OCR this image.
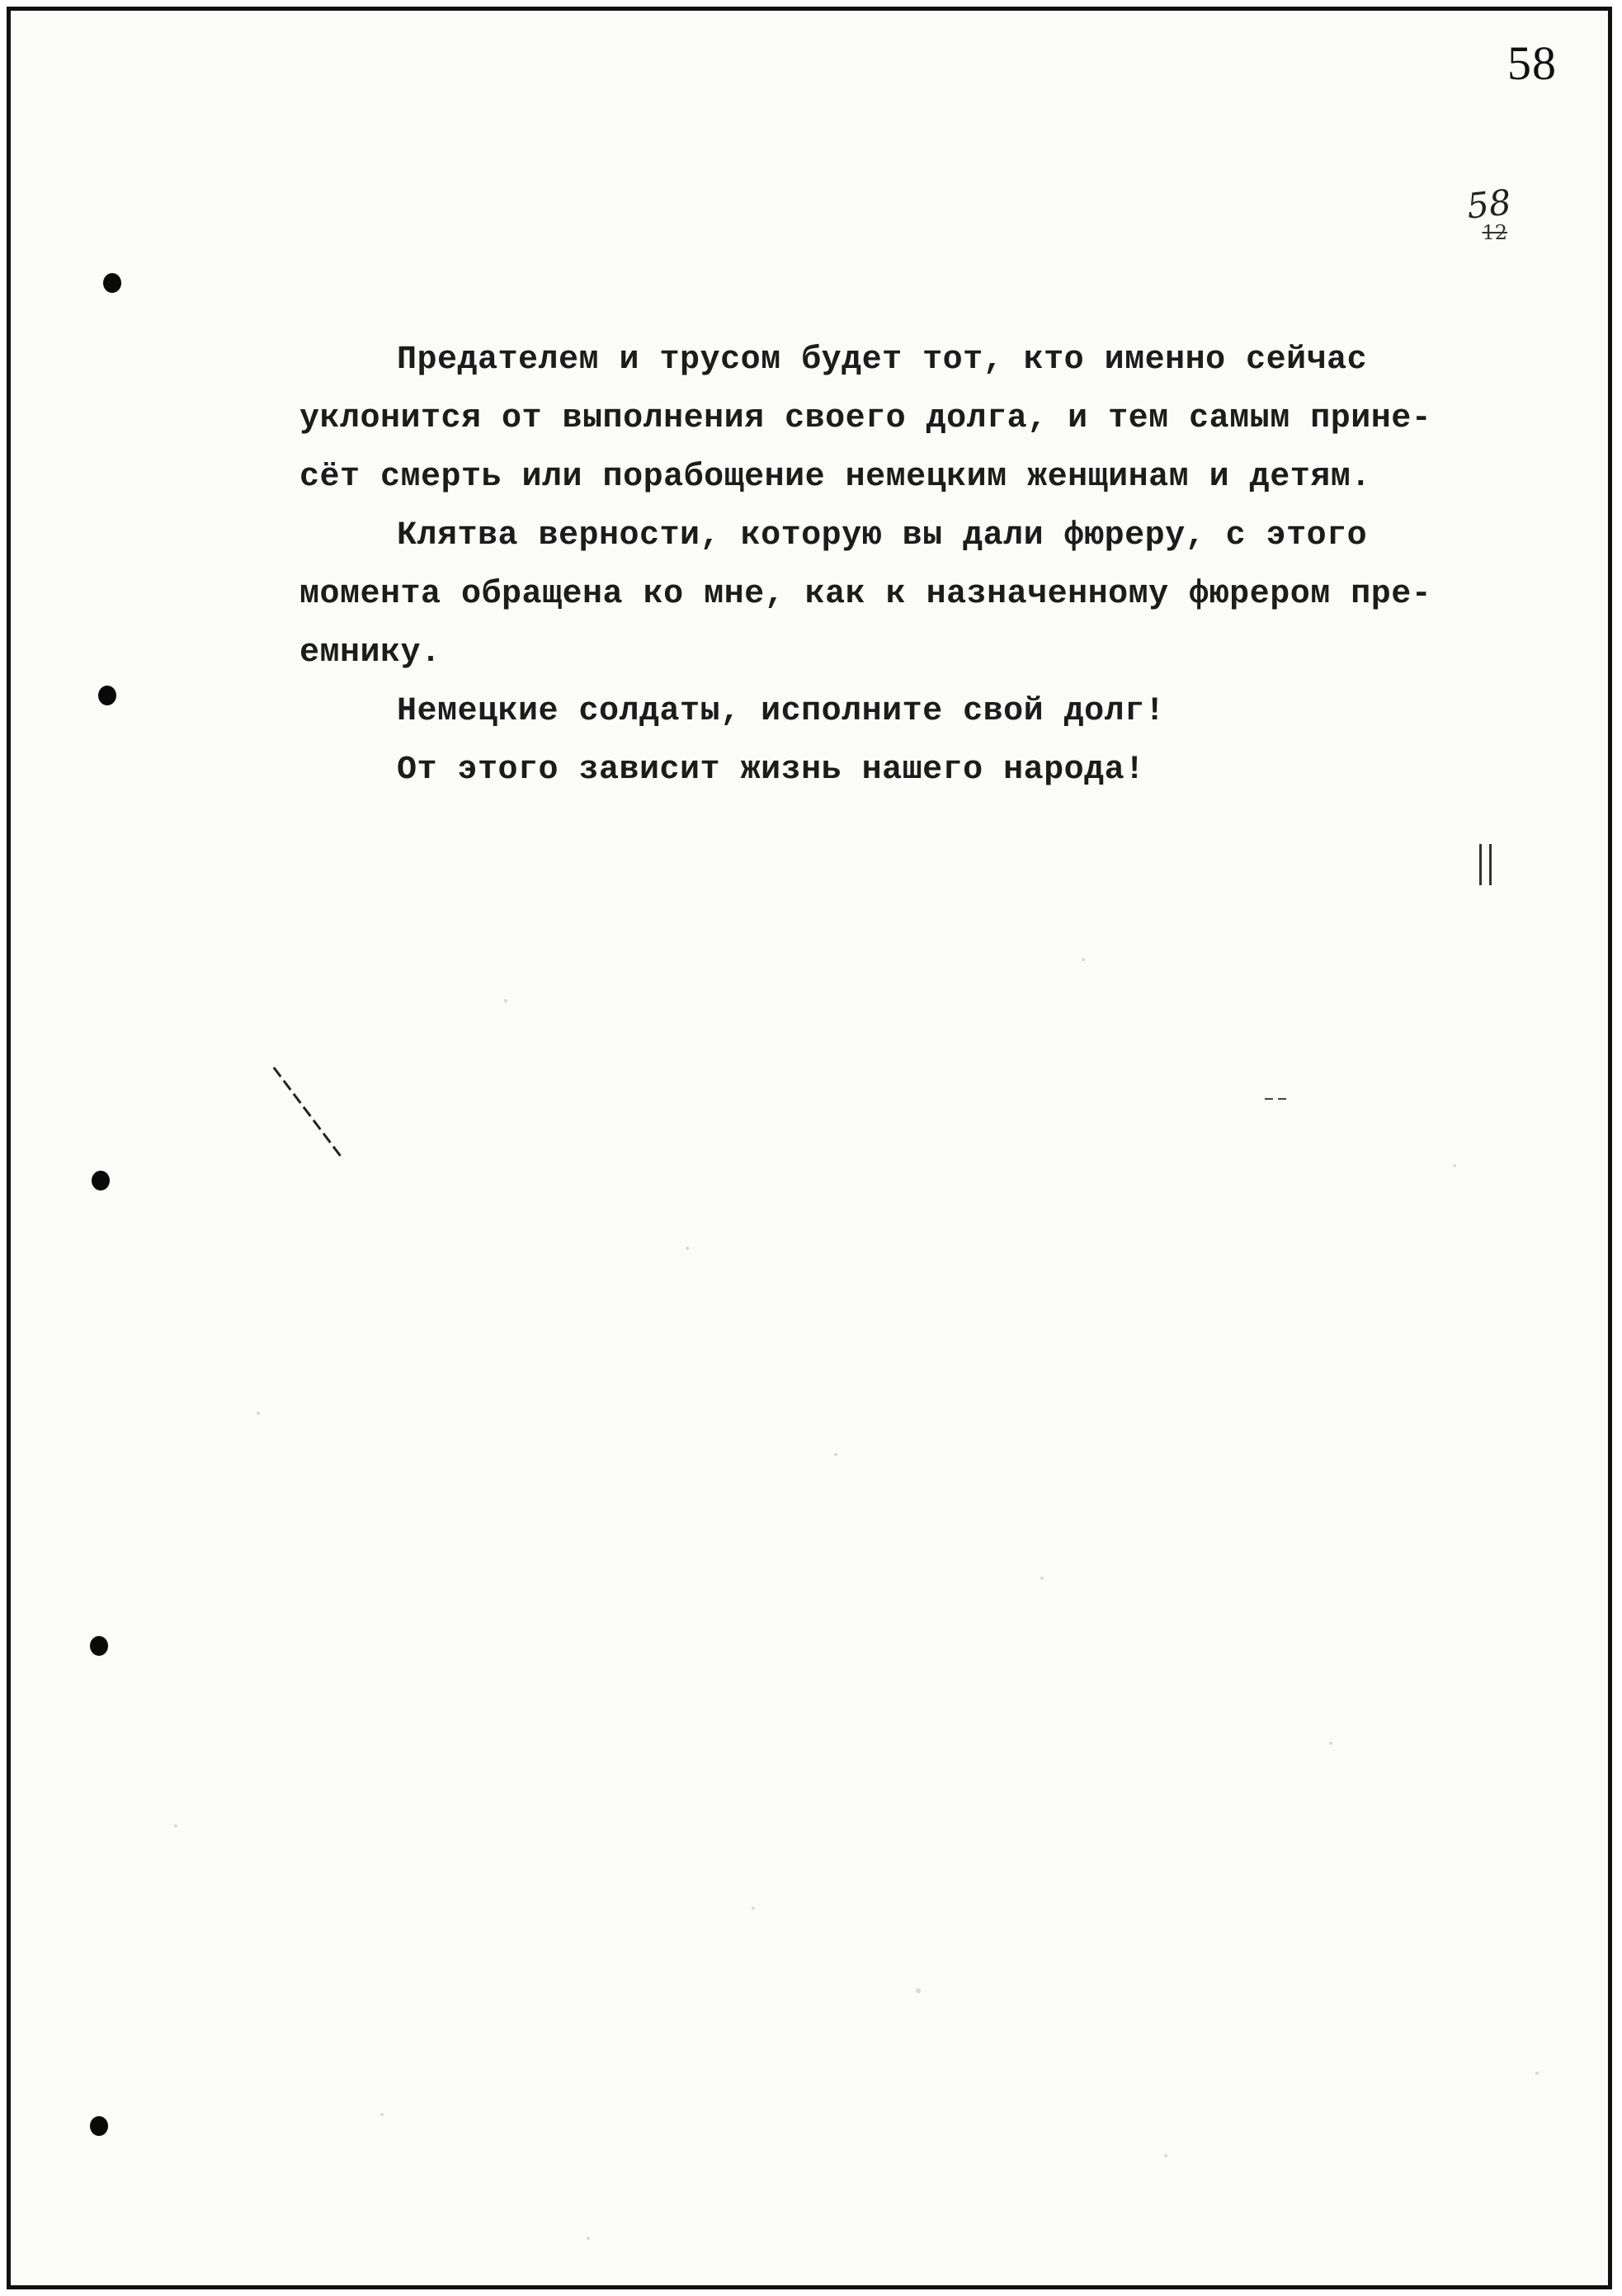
58
58
12
Предателем и трусом будет тот, кто именно сейчас
уклонится от выполнения своего долга, и тем самым прине-
сёт смерть или порабощение немецким женщинам и детям.
Клятва верности, которую вы дали фюреру, с этого
момента обращена ко мне, как к назначенному фюрером пре-
емнику.
Немецкие солдаты, исполните свой долг!
От этого зависит жизнь нашего народа!
